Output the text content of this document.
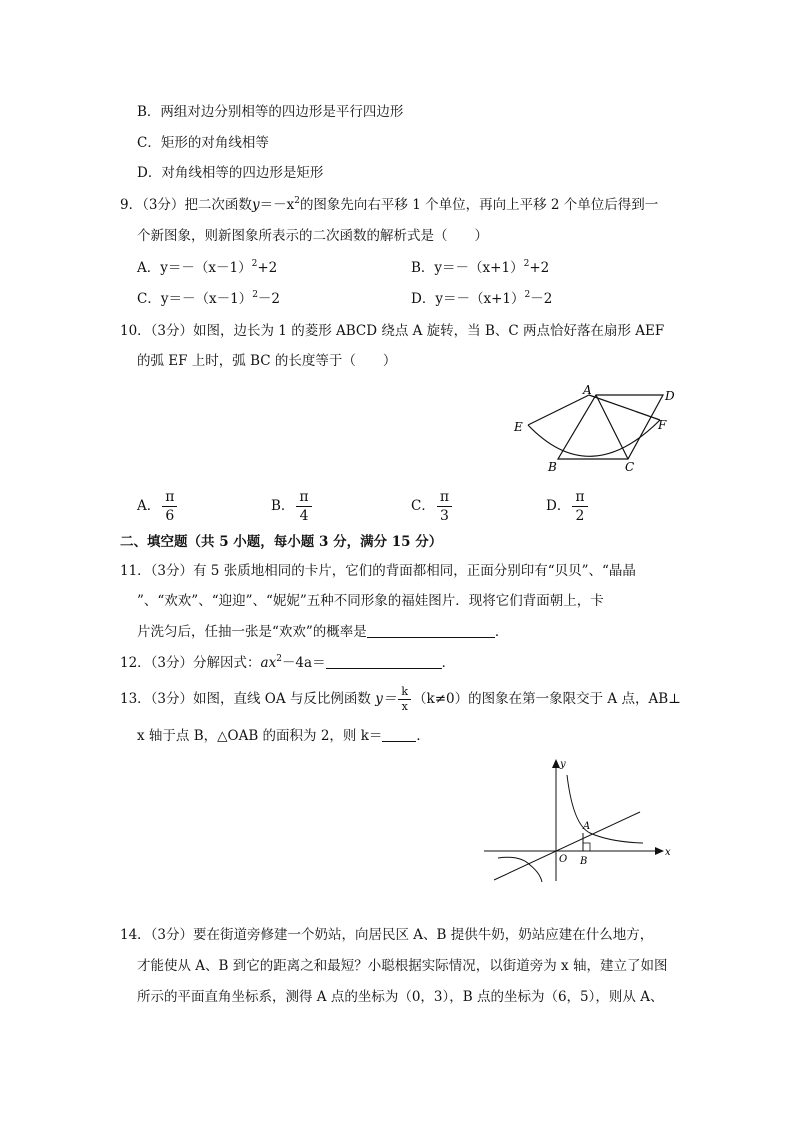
B．两组对边分别相等的四边形是平行四边形
C．矩形的对角线相等
D．对角线相等的四边形是矩形
9．（3分）把二次函数$y=-x^2$的图象先向右平移 1 个单位，再向上平移 2 个单位后得到一
个新图象，则新图象所表示的二次函数的解析式是（　　）
A．$y=-(x-1)^2+2$	B．$y=-(x+1)^2+2$
C．$y=-(x-1)^2-2$	D．$y=-(x+1)^2-2$
10．（3分）如图，边长为 1 的菱形 ABCD 绕点 A 旋转，当 B、C 两点恰好落在扇形 AEF
的弧 EF 上时，弧 BC 的长度等于（　　）
A	D
E	F
B	C
A． $\frac{\pi}{6}$	B． $\frac{\pi}{4}$	C． $\frac{\pi}{3}$	D． $\frac{\pi}{2}$
二、填空题（共 5 小题，每小题 3 分，满分 15 分）
11．（3分）有 5 张质地相同的卡片，它们的背面都相同，正面分别印有“贝贝”、“晶晶
”、“欢欢”、“迎迎”、“妮妮”五种不同形象的福娃图片．现将它们背面朝上，卡
片洗匀后，任抽一张是“欢欢”的概率是	．
12．（3分）分解因式：$ax^2-4a=$	．
13．（3分）如图，直线 OA 与反比例函数 $y= \frac{k}{x} (k\ne 0)$的图象在第一象限交于 A 点，AB⊥
x 轴于点 B，△OAB 的面积为 2，则 k＝	．
y
x
O
A
B
14．（3分）要在街道旁修建一个奶站，向居民区 A、B 提供牛奶，奶站应建在什么地方，
才能使从 A、B 到它的距离之和最短？小聪根据实际情况，以街道旁为 x 轴，建立了如图
所示的平面直角坐标系，测得 A 点的坐标为（0，3），B 点的坐标为（6，5），则从 A、
